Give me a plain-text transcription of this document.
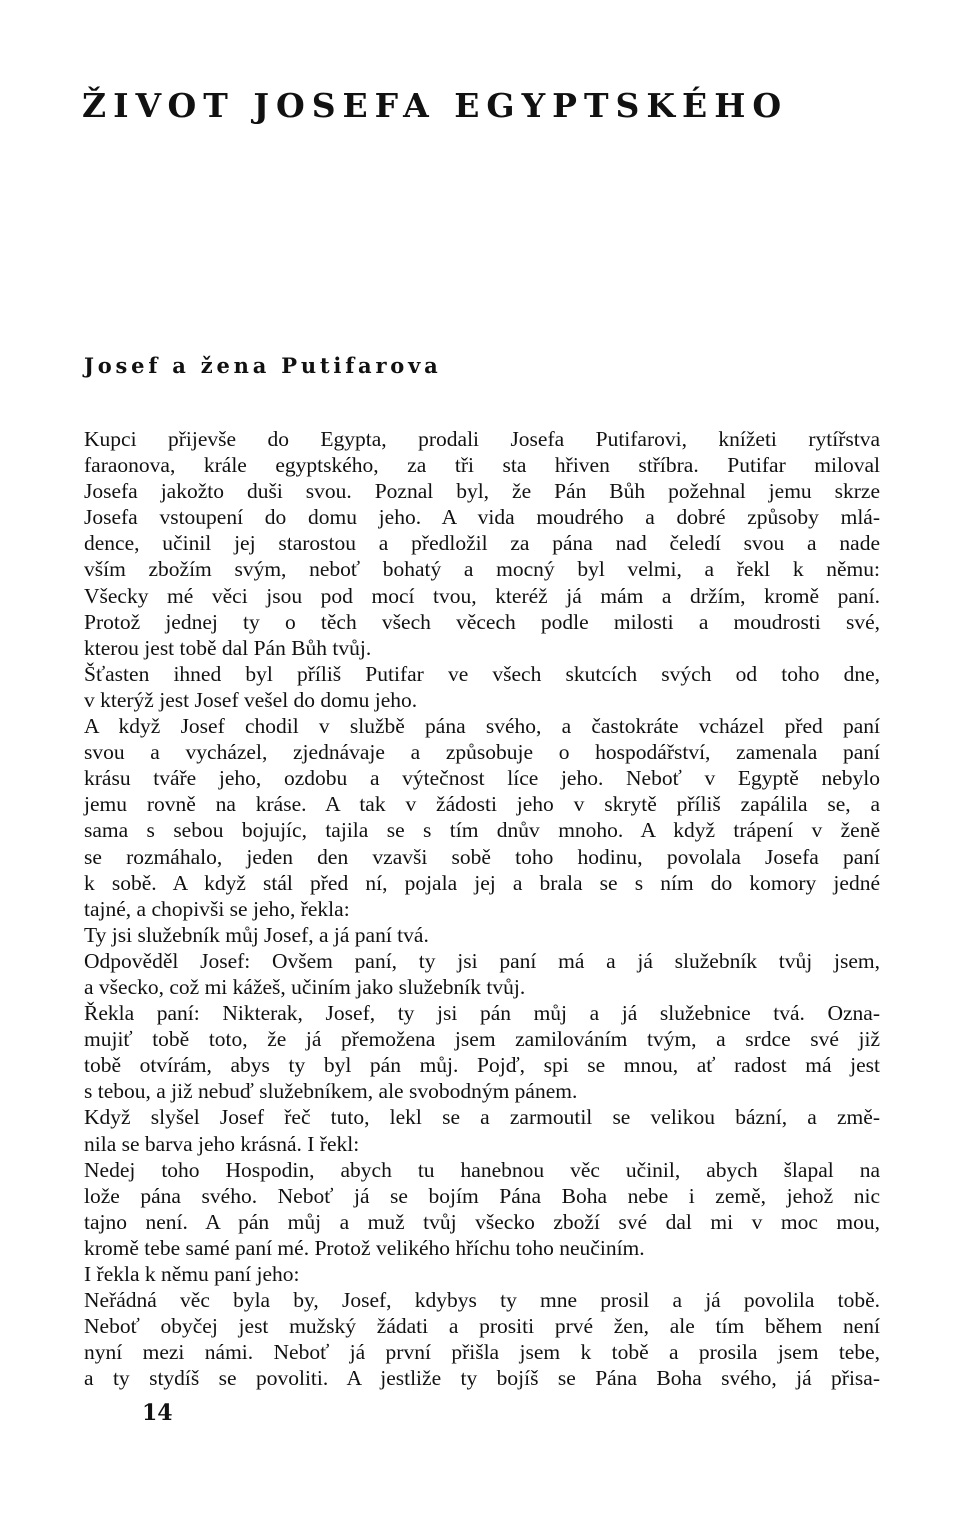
ŽIVOT JOSEFA EGYPTSKÉHO
Josef a žena Putifarova
Kupci přijevše do Egypta, prodali Josefa Putifarovi, knížeti rytířstva
faraonova, krále egyptského, za tři sta hřiven stříbra. Putifar miloval
Josefa jakožto duši svou. Poznal byl, že Pán Bůh požehnal jemu skrze
Josefa vstoupení do domu jeho. A vida moudrého a dobré způsoby mlá-
dence, učinil jej starostou a předložil za pána nad čeledí svou a nade
vším zbožím svým, neboť bohatý a mocný byl velmi, a řekl k němu:
Všecky mé věci jsou pod mocí tvou, kteréž já mám a držím, kromě paní.
Protož jednej ty o těch všech věcech podle milosti a moudrosti své,
kterou jest tobě dal Pán Bůh tvůj.
Šťasten ihned byl příliš Putifar ve všech skutcích svých od toho dne,
v kterýž jest Josef vešel do domu jeho.
A když Josef chodil v službě pána svého, a častokráte vcházel před paní
svou a vycházel, zjednávaje a způsobuje o hospodářství, zamenala paní
krásu tváře jeho, ozdobu a výtečnost líce jeho. Neboť v Egyptě nebylo
jemu rovně na kráse. A tak v žádosti jeho v skrytě příliš zapálila se, a
sama s sebou bojujíc, tajila se s tím dnův mnoho. A když trápení v ženě
se rozmáhalo, jeden den vzavši sobě toho hodinu, povolala Josefa paní
k sobě. A když stál před ní, pojala jej a brala se s ním do komory jedné
tajné, a chopivši se jeho, řekla:
Ty jsi služebník můj Josef, a já paní tvá.
Odpověděl Josef: Ovšem paní, ty jsi paní má a já služebník tvůj jsem,
a všecko, což mi kážeš, učiním jako služebník tvůj.
Řekla paní: Nikterak, Josef, ty jsi pán můj a já služebnice tvá. Ozna-
mujiť tobě toto, že já přemožena jsem zamilováním tvým, a srdce své již
tobě otvírám, abys ty byl pán můj. Pojď, spi se mnou, ať radost má jest
s tebou, a již nebuď služebníkem, ale svobodným pánem.
Když slyšel Josef řeč tuto, lekl se a zarmoutil se velikou bázní, a změ-
nila se barva jeho krásná. I řekl:
Nedej toho Hospodin, abych tu hanebnou věc učinil, abych šlapal na
lože pána svého. Neboť já se bojím Pána Boha nebe i země, jehož nic
tajno není. A pán můj a muž tvůj všecko zboží své dal mi v moc mou,
kromě tebe samé paní mé. Protož velikého hříchu toho neučiním.
I řekla k němu paní jeho:
Neřádná věc byla by, Josef, kdybys ty mne prosil a já povolila tobě.
Neboť obyčej jest mužský žádati a prositi prvé žen, ale tím během není
nyní mezi námi. Neboť já první přišla jsem k tobě a prosila jsem tebe,
a ty stydíš se povoliti. A jestliže ty bojíš se Pána Boha svého, já přisa-
14
